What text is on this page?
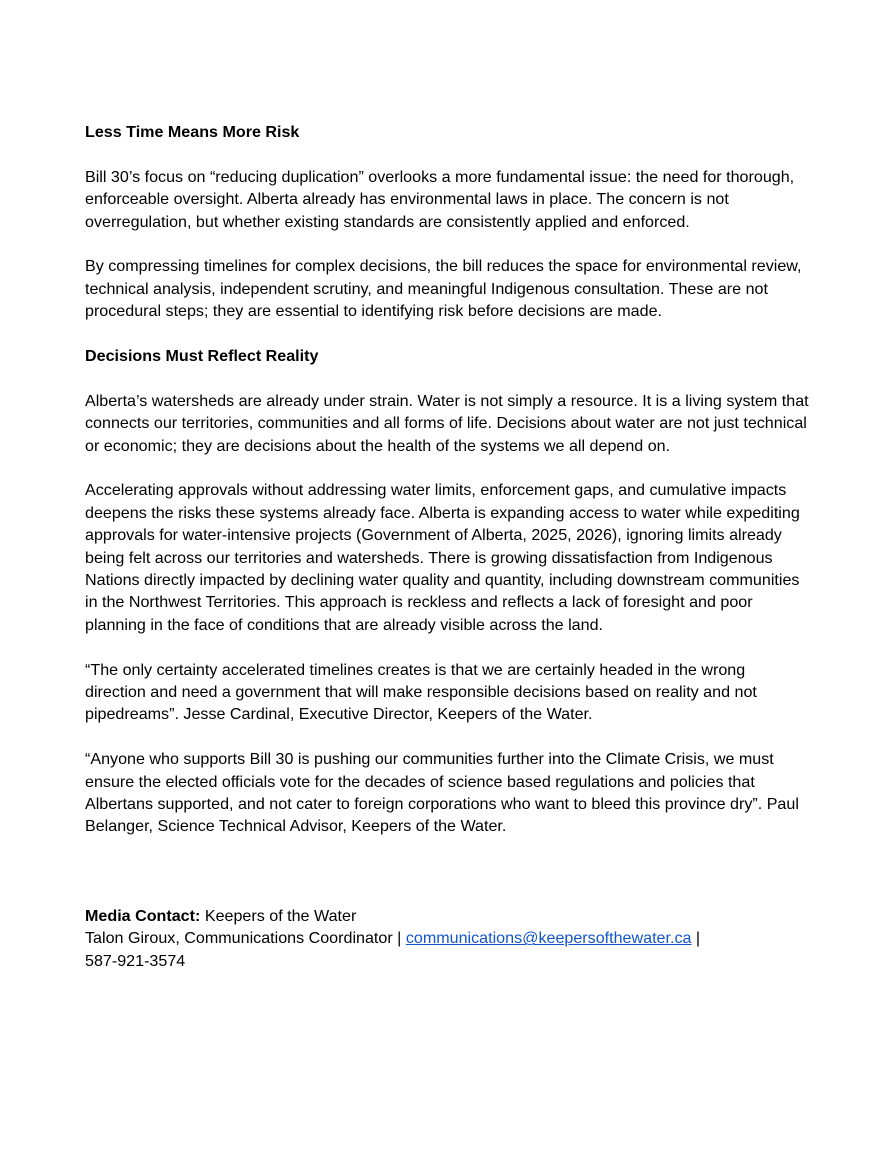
Less Time Means More Risk

Bill 30’s focus on “reducing duplication” overlooks a more fundamental issue: the need for thorough, enforceable oversight. Alberta already has environmental laws in place. The concern is not overregulation, but whether existing standards are consistently applied and enforced.

By compressing timelines for complex decisions, the bill reduces the space for environmental review, technical analysis, independent scrutiny, and meaningful Indigenous consultation. These are not procedural steps; they are essential to identifying risk before decisions are made.

Decisions Must Reflect Reality

Alberta’s watersheds are already under strain. Water is not simply a resource. It is a living system that connects our territories, communities and all forms of life. Decisions about water are not just technical or economic; they are decisions about the health of the systems we all depend on.

Accelerating approvals without addressing water limits, enforcement gaps, and cumulative impacts deepens the risks these systems already face. Alberta is expanding access to water while expediting approvals for water-intensive projects (Government of Alberta, 2025, 2026), ignoring limits already being felt across our territories and watersheds. There is growing dissatisfaction from Indigenous Nations directly impacted by declining water quality and quantity, including downstream communities in the Northwest Territories. This approach is reckless and reflects a lack of foresight and poor planning in the face of conditions that are already visible across the land.

“The only certainty accelerated timelines creates is that we are certainly headed in the wrong direction and need a government that will make responsible decisions based on reality and not pipedreams”. Jesse Cardinal, Executive Director, Keepers of the Water.

“Anyone who supports Bill 30 is pushing our communities further into the Climate Crisis, we must ensure the elected officials vote for the decades of science based regulations and policies that Albertans supported, and not cater to foreign corporations who want to bleed this province dry”. Paul Belanger, Science Technical Advisor, Keepers of the Water.

Media Contact: Keepers of the Water

Talon Giroux, Communications Coordinator | communications@keepersofthewater.ca |

587-921-3574
